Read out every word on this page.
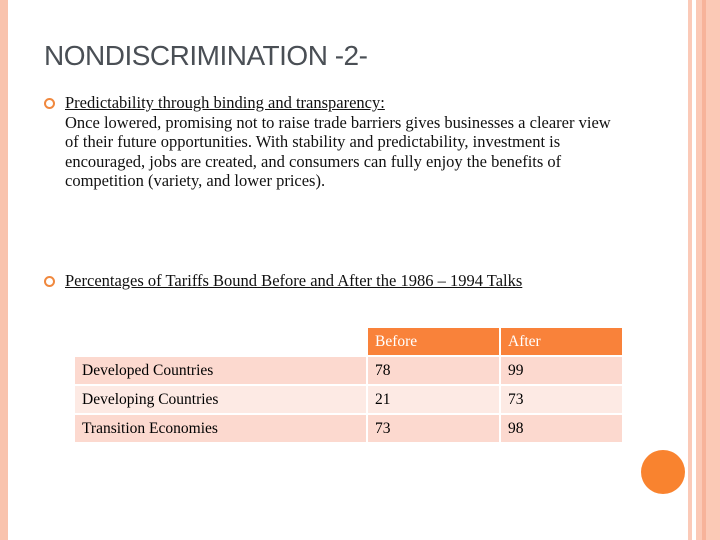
NONDISCRIMINATION -2-
Predictability through binding and transparency:
Once lowered, promising not to raise trade barriers gives businesses a clearer view of their future opportunities. With stability and predictability, investment is encouraged, jobs are created, and consumers can fully enjoy the benefits of competition (variety, and lower prices).
Percentages of Tariffs Bound Before and After the 1986 – 1994 Talks
	Before	After
Developed Countries	78	99
Developing Countries	21	73
Transition Economies	73	98
